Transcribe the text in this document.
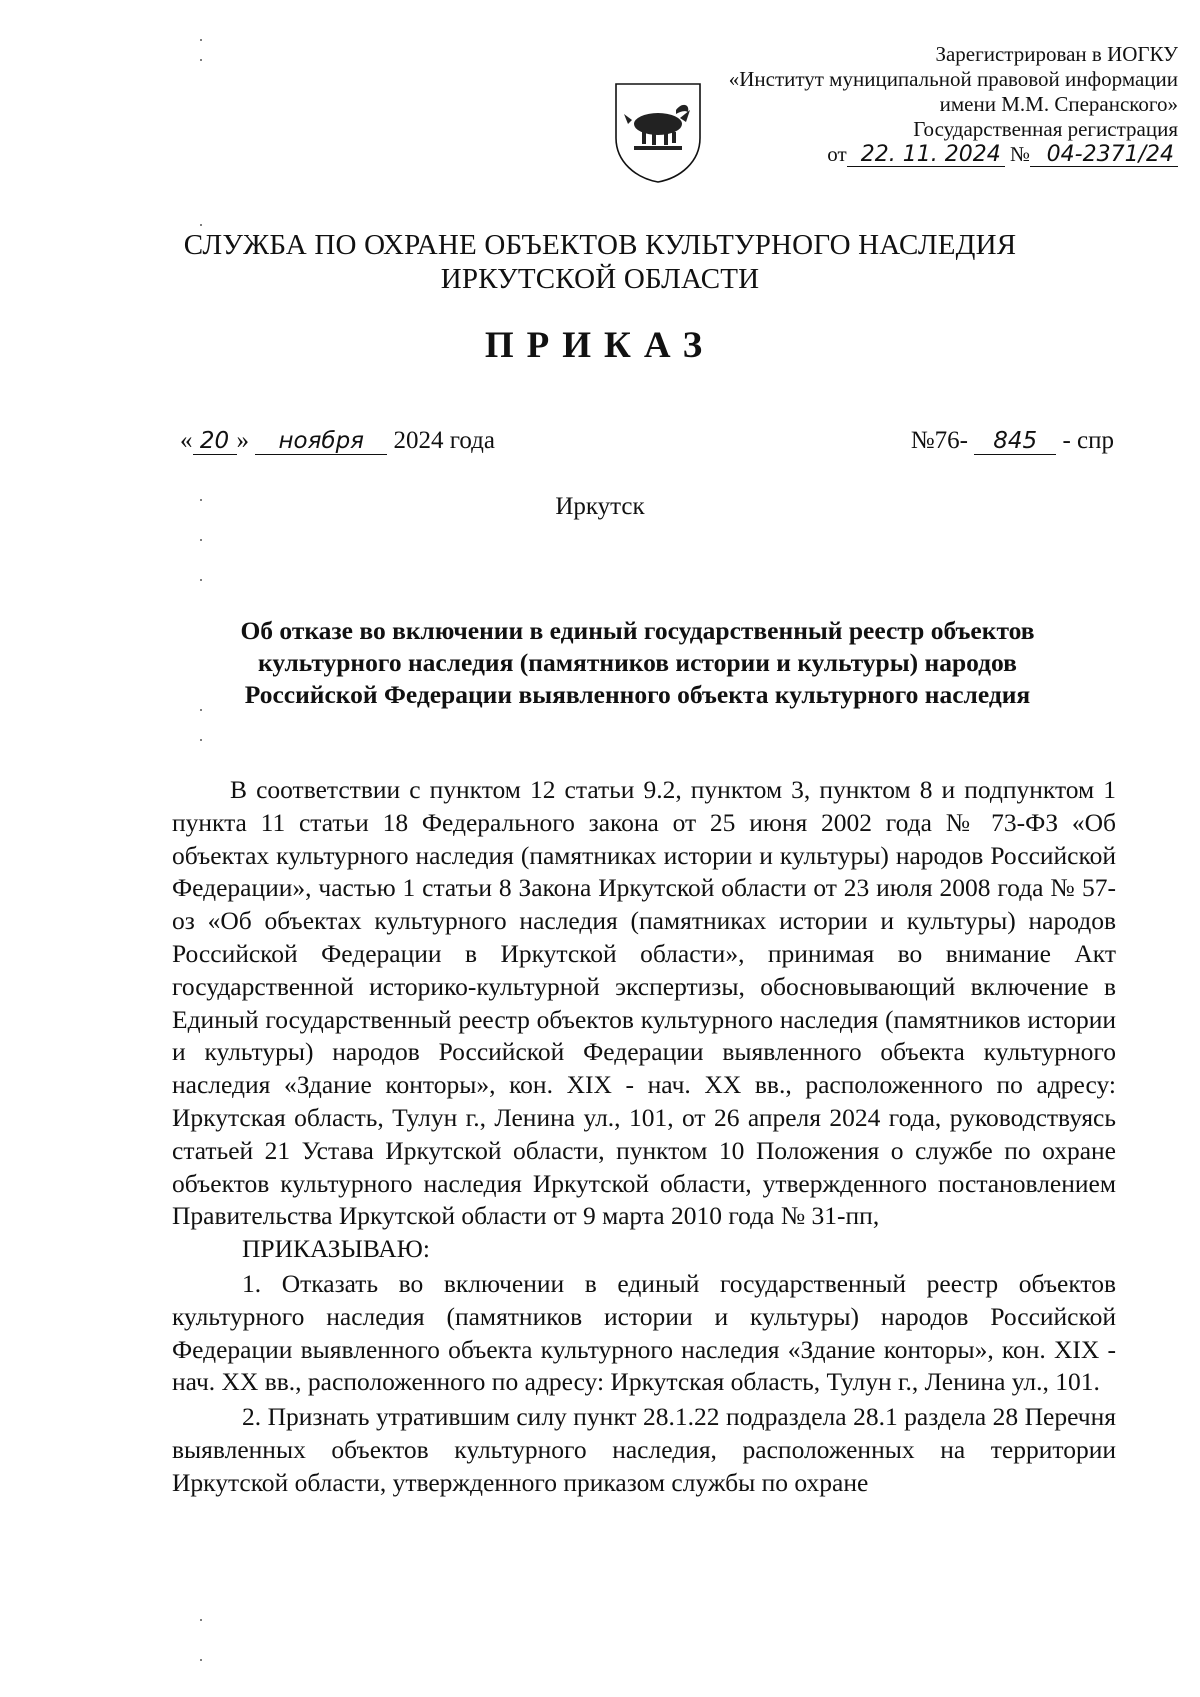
Зарегистрирован в ИОГКУ
«Институт муниципальной правовой информации
имени М.М. Сперанского»
Государственная регистрация
от 22. 11. 2024 № 04-2371/24
СЛУЖБА ПО ОХРАНЕ ОБЪЕКТОВ КУЛЬТУРНОГО НАСЛЕДИЯ
ИРКУТСКОЙ ОБЛАСТИ
ПРИКАЗ
« 20 » ноября 2024 года	№76- 845 - спр
Иркутск
Об отказе во включении в единый государственный реестр объектов
культурного наследия (памятников истории и культуры) народов
Российской Федерации выявленного объекта культурного наследия

В соответствии с пунктом 12 статьи 9.2, пунктом 3, пунктом 8 и подпунктом 1 пункта 11 статьи 18 Федерального закона от 25 июня 2002 года № 73-ФЗ «Об объектах культурного наследия (памятниках истории и культуры) народов Российской Федерации», частью 1 статьи 8 Закона Иркутской области от 23 июля 2008 года № 57-оз «Об объектах культурного наследия (памятниках истории и культуры) народов Российской Федерации в Иркутской области», принимая во внимание Акт государственной историко-культурной экспертизы, обосновывающий включение в Единый государственный реестр объектов культурного наследия (памятников истории и культуры) народов Российской Федерации выявленного объекта культурного наследия «Здание конторы», кон. XIX - нач. XX вв., расположенного по адресу: Иркутская область, Тулун г., Ленина ул., 101, от 26 апреля 2024 года, руководствуясь статьей 21 Устава Иркутской области, пунктом 10 Положения о службе по охране объектов культурного наследия Иркутской области, утвержденного постановлением Правительства Иркутской области от 9 марта 2010 года № 31-пп,

ПРИКАЗЫВАЮ:

1. Отказать во включении в единый государственный реестр объектов культурного наследия (памятников истории и культуры) народов Российской Федерации выявленного объекта культурного наследия «Здание конторы», кон. XIX - нач. XX вв., расположенного по адресу: Иркутская область, Тулун г., Ленина ул., 101.

2. Признать утратившим силу пункт 28.1.22 подраздела 28.1 раздела 28 Перечня выявленных объектов культурного наследия, расположенных на территории Иркутской области, утвержденного приказом службы по охране
